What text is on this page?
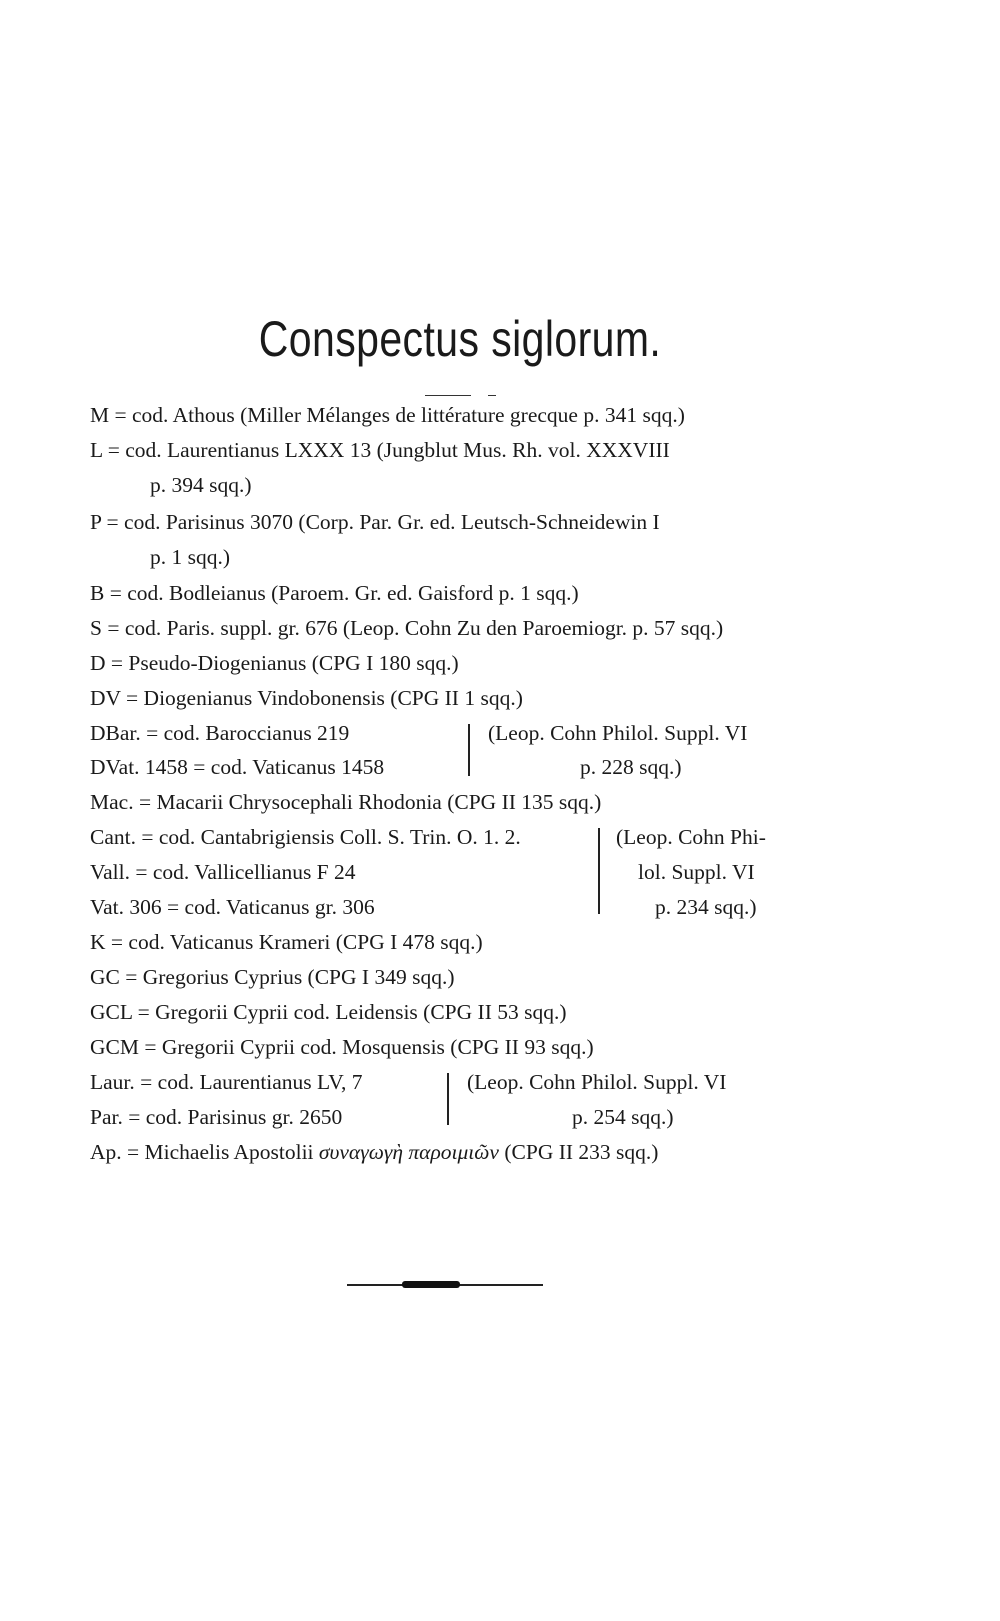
Conspectus siglorum.
M = cod. Athous (Miller Mélanges de littérature grecque p. 341 sqq.)
L = cod. Laurentianus LXXX 13 (Jungblut Mus. Rh. vol. XXXVIII
p. 394 sqq.)
P = cod. Parisinus 3070 (Corp. Par. Gr. ed. Leutsch-Schneidewin I
p. 1 sqq.)
B = cod. Bodleianus (Paroem. Gr. ed. Gaisford p. 1 sqq.)
S = cod. Paris. suppl. gr. 676 (Leop. Cohn Zu den Paroemiogr. p. 57 sqq.)
D = Pseudo-Diogenianus (CPG I 180 sqq.)
DV = Diogenianus Vindobonensis (CPG II 1 sqq.)
DBar. = cod. Baroccianus 219
DVat. 1458 = cod. Vaticanus 1458
(Leop. Cohn Philol. Suppl. VI
p. 228 sqq.)
Mac. = Macarii Chrysocephali Rhodonia (CPG II 135 sqq.)
Cant. = cod. Cantabrigiensis Coll. S. Trin. O. 1. 2.
Vall. = cod. Vallicellianus F 24
Vat. 306 = cod. Vaticanus gr. 306
(Leop. Cohn Phi-
lol. Suppl. VI
p. 234 sqq.)
K = cod. Vaticanus Krameri (CPG I 478 sqq.)
GC = Gregorius Cyprius (CPG I 349 sqq.)
GCL = Gregorii Cyprii cod. Leidensis (CPG II 53 sqq.)
GCM = Gregorii Cyprii cod. Mosquensis (CPG II 93 sqq.)
Laur. = cod. Laurentianus LV, 7
Par. = cod. Parisinus gr. 2650
(Leop. Cohn Philol. Suppl. VI
p. 254 sqq.)
Ap. = Michaelis Apostolii συναγωγὴ παροιμιῶν (CPG II 233 sqq.)
